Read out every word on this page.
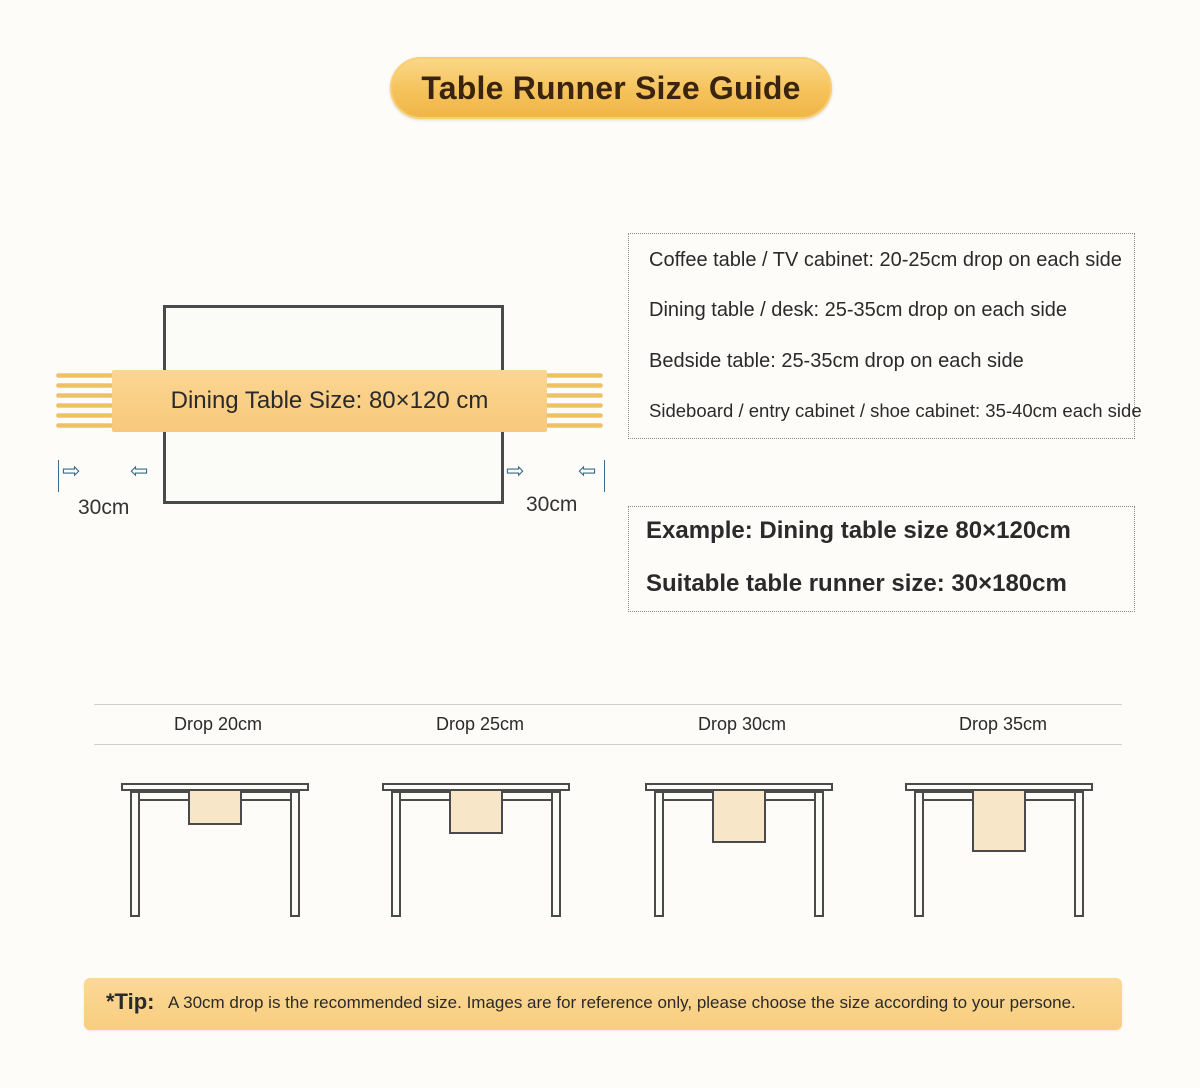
Table Runner Size Guide
Dining Table Size: 80×120 cm
⇨ ⇦
30cm
⇨ ⇦
30cm
Coffee table / TV cabinet: 20-25cm drop on each side
Dining table / desk: 25-35cm drop on each side
Bedside table: 25-35cm drop on each side
Sideboard / entry cabinet / shoe cabinet: 35-40cm each side
Example: Dining table size 80×120cm
Suitable table runner size: 30×180cm
Drop 20cm	Drop 25cm	Drop 30cm	Drop 35cm
*Tip: A 30cm drop is the recommended size. Images are for reference only, please choose the size according to your persone.
